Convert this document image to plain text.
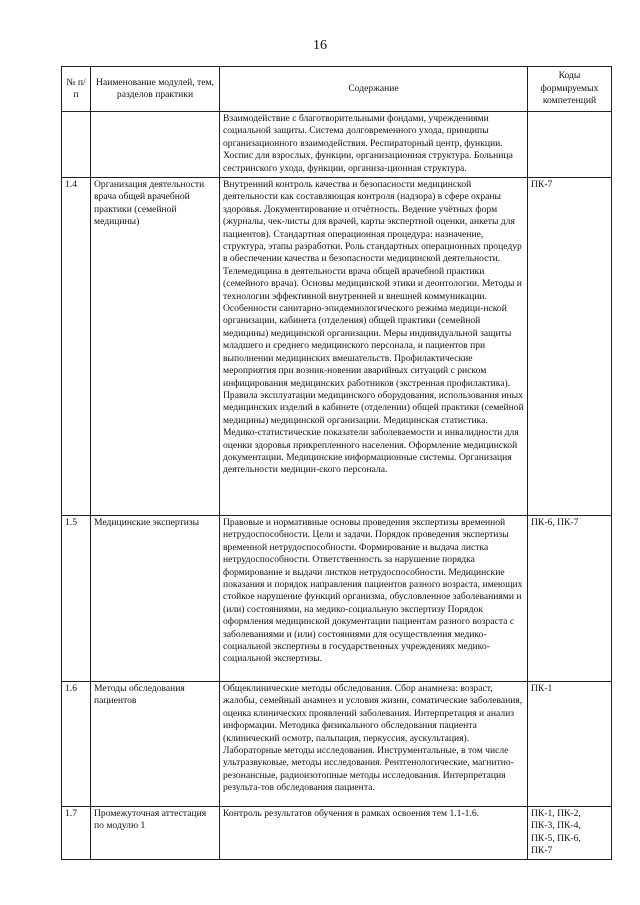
16
№ п/п	Наименование модулей, тем, разделов практики	Содержание	Коды формируемых компетенций

		Взаимодействие с благотворительными фондами, учреждениями социальной защиты. Система долговременного ухода, принципы организационного взаимодействия. Респираторный центр, функции. Хоспис для взрослых, функции, организационная структура. Больница сестринского ухода, функции, организа-ционная структура.	

1.4	Организация деятельности врача общей врачебной практики (семейной медицины)	Внутренний контроль качества и безопасности медицинской деятельности как составляющая контроля (надзора) в сфере охраны здоровья. Документирование и отчётность. Ведение учётных форм (журналы, чек-листы для врачей, карты экспертной оценки, анкеты для пациентов). Стандартная операционная процедура: назначение, структура, этапы разработки. Роль стандартных операционных процедур в обеспечении качества и безопасности медицинской деятельности. Телемедицина в деятельности врача общей врачебной практики (семейного врача). Основы медицинской этики и деонтологии. Методы и технологии эффективной внутренней и внешней коммуникации.

Особенности санитарно-эпидемиологического режима медици-нской организации, кабинета (отделения) общей практики (семейной медицины) медицинской организации. Меры индивидуальной защиты младшего и среднего медицинского персонала, и пациентов при выполнении медицинских вмешательств. Профилактические мероприятия при возник-новении аварийных ситуаций с риском инфицирования медицинских работников (экстренная профилактика). Правила эксплуатации медицинского оборудования, использования иных медицинских изделий в кабинете (отделении) общей практики (семейной медицины) медицинской организации. Медицинская статистика. Медико-статистические показатели заболеваемости и инвалидности для оценки здоровья прикрепленного населения. Оформление медицинской документации. Медицинские информационные системы. Организация деятельности медицин-ского персонала.	ПК-7

1.5	Медицинские экспертизы	Правовые и нормативные основы проведения экспертизы временной нетрудоспособности. Цели и задачи. Порядок проведения экспертизы временной нетрудоспособности. Формирование и выдача листка нетрудоспособности. Ответственность за нарушение порядка формирование и выдачи листков нетрудоспособности. Медицинские показания и порядок направления пациентов разного возраста, имеющих стойкое нарушение функций организма, обусловленное заболеваниями и (или) состояниями, на медико-социальную экспертизу Порядок оформления медицинской документации пациентам разного возраста с заболеваниями и (или) состояниями для осуществления медико-социальной экспертизы в государственных учреждениях медико-социальной экспертизы.	ПК-6, ПК-7

1.6	Методы обследования пациентов	Общеклинические методы обследования. Сбор анамнеза: возраст, жалобы, семейный анамнез и условия жизни, соматические заболевания, оценка клинических проявлений заболевания. Интерпретация и анализ информации. Методика физикального обследования пациента (клинический осмотр, пальпация, перкуссия, аускультация). Лабораторные методы исследования. Инструментальные, в том числе ультразвуковые, методы исследования. Рентгенологические, магнитно-резонансные, радиоизотопные методы исследования. Интерпретация результа-тов обследования пациента.	ПК-1

1.7	Промежуточная аттестация по модулю 1	Контроль результатов обучения в рамках освоения тем 1.1-1.6.	ПК-1, ПК-2,
ПК-3, ПК-4,
ПК-5, ПК-6,
ПК-7
